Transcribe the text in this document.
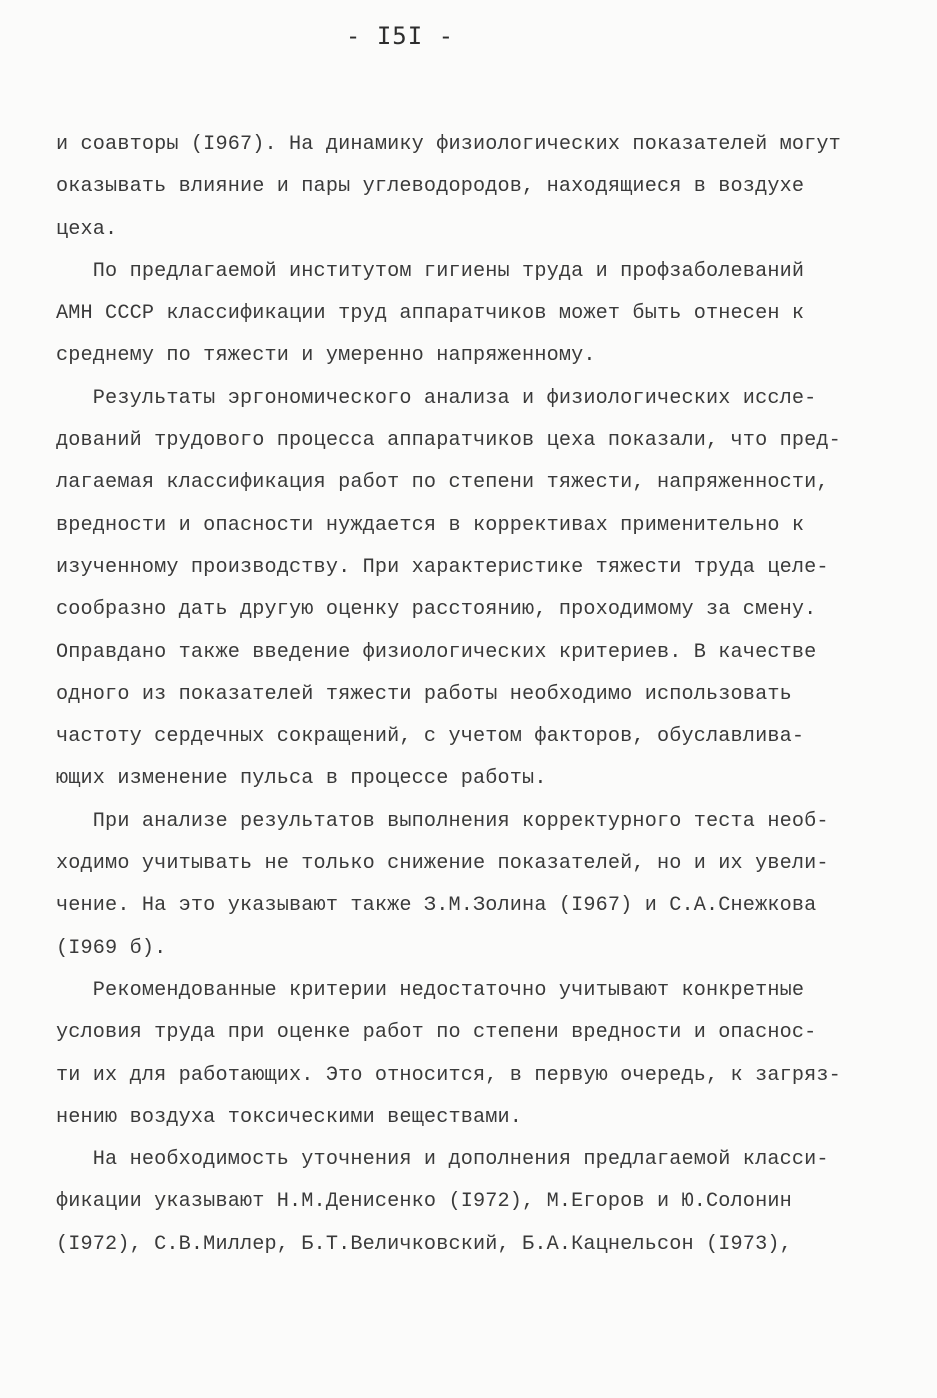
- I5I -
и соавторы (I967). На динамику физиологических показателей могут
оказывать влияние и пары углеводородов, находящиеся в воздухе
цеха.
По предлагаемой институтом гигиены труда и профзаболеваний
АМН СССР классификации труд аппаратчиков может быть отнесен к
среднему по тяжести и умеренно напряженному.
Результаты эргономического анализа и физиологических иссле-
дований трудового процесса аппаратчиков цеха показали, что пред-
лагаемая классификация работ по степени тяжести, напряженности,
вредности и опасности нуждается в коррективах применительно к
изученному производству. При характеристике тяжести труда целе-
сообразно дать другую оценку расстоянию, проходимому за смену.
Оправдано также введение физиологических критериев. В качестве
одного из показателей тяжести работы необходимо использовать
частоту сердечных сокращений, с учетом факторов, обуславлива-
ющих изменение пульса в процессе работы.
При анализе результатов выполнения корректурного теста необ-
ходимо учитывать не только снижение показателей, но и их увели-
чение. На это указывают также З.М.Золина (I967) и С.А.Снежкова
(I969 б).
Рекомендованные критерии недостаточно учитывают конкретные
условия труда при оценке работ по степени вредности и опаснос-
ти их для работающих. Это относится, в первую очередь, к загряз-
нению воздуха токсическими веществами.
На необходимость уточнения и дополнения предлагаемой класси-
фикации указывают Н.М.Денисенко (I972), М.Егоров и Ю.Солонин
(I972), С.В.Миллер, Б.Т.Величковский, Б.А.Кацнельсон (I973),
